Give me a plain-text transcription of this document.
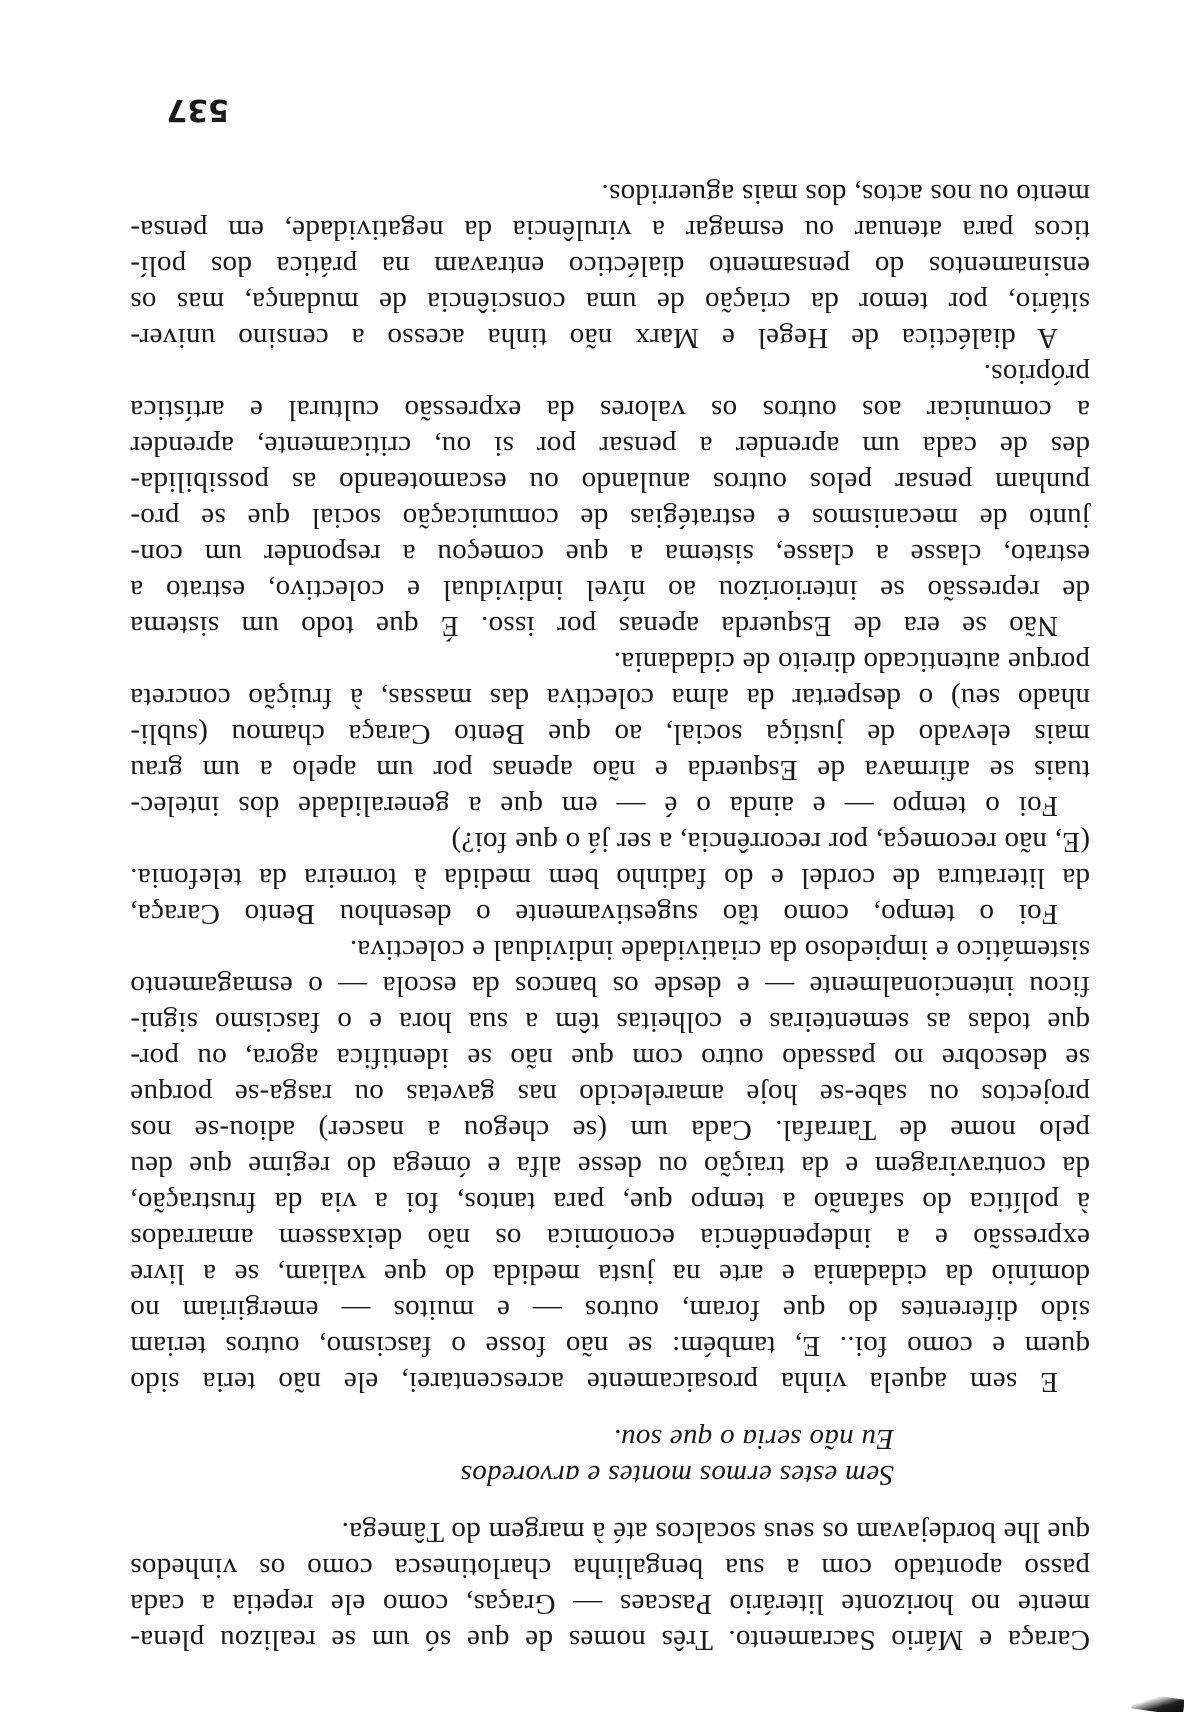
537
Caraça e Mário Sacramento. Três nomes de que só um se realizou plena-
mente no horizonte literário Pascaes — Graças, como ele repetia a cada
passo apontado com a sua bengalinha charlotinesca como os vinhedos
que lhe bordejavam os seus socalcos até à margem do Tâmega.
Sem estes ermos montes e arvoredos
Eu não seria o que sou.
E sem aquela vinha prosaicamente acrescentarei, ele não teria sido
quem e como foi.. E, também: se não fosse o fascismo, outros teriam
sido diferentes do que foram, outros — e muitos — emergiriam no
domínio da cidadania e arte na justa medida do que valiam, se a livre
expressão e a independência económica os não deixassem amarrados
à política do safanão a tempo que, para tantos, foi a via da frustração,
da contraviragem e da traição ou desse alfa e ómega do regime que deu
pelo nome de Tarrafal. Cada um (se chegou a nascer) adiou-se nos
projectos ou sabe-se hoje amarelecido nas gavetas ou rasga-se porque
se descobre no passado outro com que não se identifica agora, ou por-
que todas as sementeiras e colheitas têm a sua hora e o fascismo signi-
ficou intencionalmente — e desde os bancos da escola — o esmagamento
sistemático e impiedoso da criatividade individual e colectiva.
Foi o tempo, como tão sugestivamente o desenhou Bento Caraça,
da literatura de cordel e do fadinho bem medida à torneira da telefonia.
(E, não recomeça, por recorrência, a ser já o que foi?)
Foi o tempo — e ainda o é — em que a generalidade dos intelec-
tuais se afirmava de Esquerda e não apenas por um apelo a um grau
mais elevado de justiça social, ao que Bento Caraça chamou (subli-
nhado seu) o despertar da alma colectiva das massas, à fruição concreta
porque autenticado direito de cidadania.
Não se era de Esquerda apenas por isso. É que todo um sistema
de repressão se interiorizou ao nível individual e colectivo, estrato a
estrato, classe a classe, sistema a que começou a responder um con-
junto de mecanismos e estratégias de comunicação social que se pro-
punham pensar pelos outros anulando ou escamoteando as possibilida-
des de cada um aprender a pensar por si ou, criticamente, aprender
a comunicar aos outros os valores da expressão cultural e artística
próprios.
A dialéctica de Hegel e Marx não tinha acesso a censino univer-
sitário, por temor da criação de uma consciência de mudança, mas os
ensinamentos do pensamento dialéctico entravam na prática dos polí-
ticos para atenuar ou esmagar a virulência da negatividade, em pensa-
mento ou nos actos, dos mais aguerridos.
